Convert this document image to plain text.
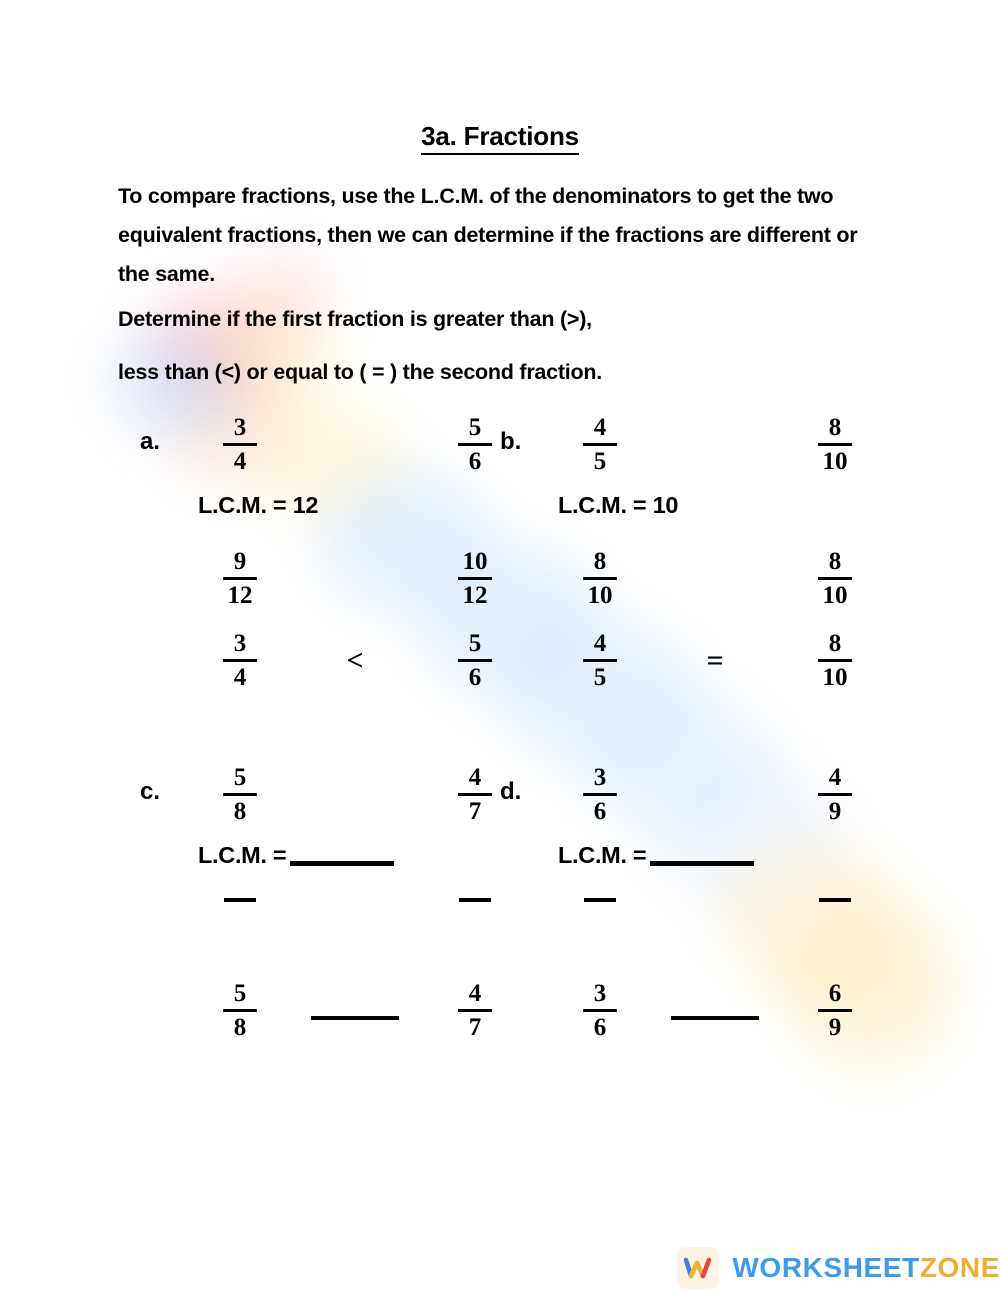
3a. Fractions
To compare fractions, use the L.C.M. of the denominators to get the two equivalent fractions, then we can determine if the fractions are different or the same.
Determine if the first fraction is greater than (>),
less than (<) or equal to ( = ) the second fraction.
a.	$\frac{3}{4}$	$\frac{5}{6}$
L.C.M. = 12
$\frac{9}{12}$	$\frac{10}{12}$
$\frac{3}{4}$	<	$\frac{5}{6}$
b. $\frac{4}{5}$	$\frac{8}{10}$
L.C.M. = 10
$\frac{8}{10}$	$\frac{8}{10}$
$\frac{4}{5}$	=	$\frac{8}{10}$
c.	$\frac{5}{8}$	$\frac{4}{7}$
L.C.M. =
$\frac{5}{8}$	$\frac{4}{7}$
d. $\frac{3}{6}$	$\frac{4}{9}$
L.C.M. =
$\frac{3}{6}$	$\frac{6}{9}$
WORKSHEETZONE
